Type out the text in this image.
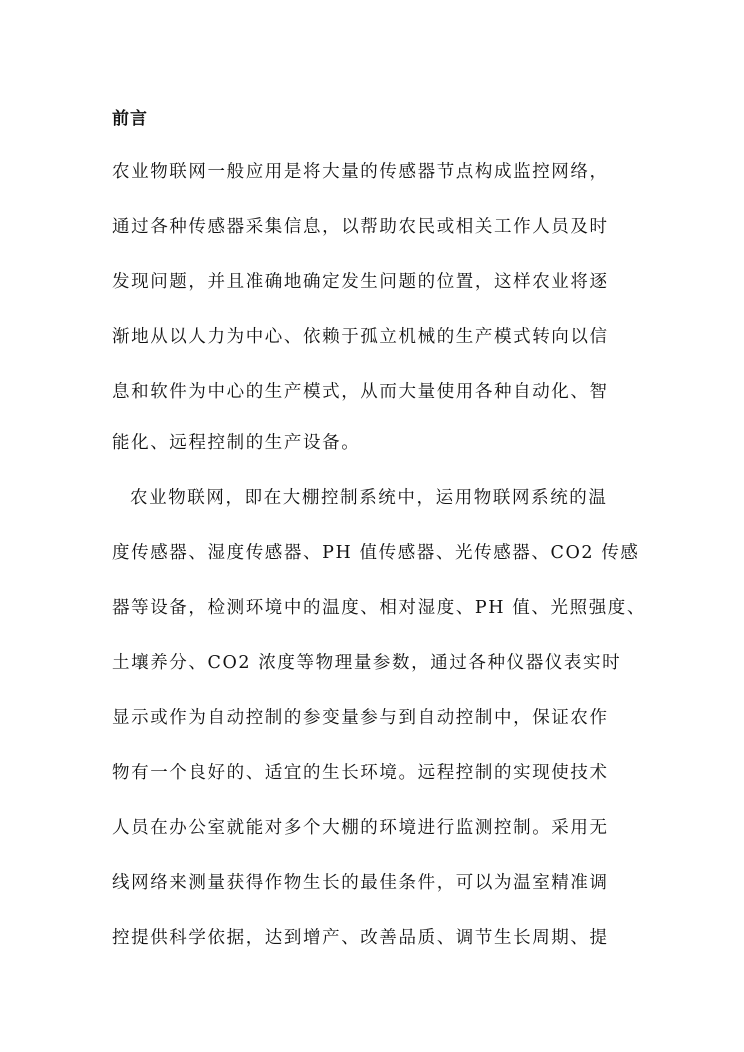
前言
农业物联网一般应用是将大量的传感器节点构成监控网络，
通过各种传感器采集信息，以帮助农民或相关工作人员及时
发现问题，并且准确地确定发生问题的位置，这样农业将逐
渐地从以人力为中心、依赖于孤立机械的生产模式转向以信
息和软件为中心的生产模式，从而大量使用各种自动化、智
能化、远程控制的生产设备。
农业物联网，即在大棚控制系统中，运用物联网系统的温
度传感器、湿度传感器、PH 值传感器、光传感器、CO2 传感
器等设备，检测环境中的温度、相对湿度、PH 值、光照强度、
土壤养分、CO2 浓度等物理量参数，通过各种仪器仪表实时
显示或作为自动控制的参变量参与到自动控制中，保证农作
物有一个良好的、适宜的生长环境。远程控制的实现使技术
人员在办公室就能对多个大棚的环境进行监测控制。采用无
线网络来测量获得作物生长的最佳条件，可以为温室精准调
控提供科学依据，达到增产、改善品质、调节生长周期、提
